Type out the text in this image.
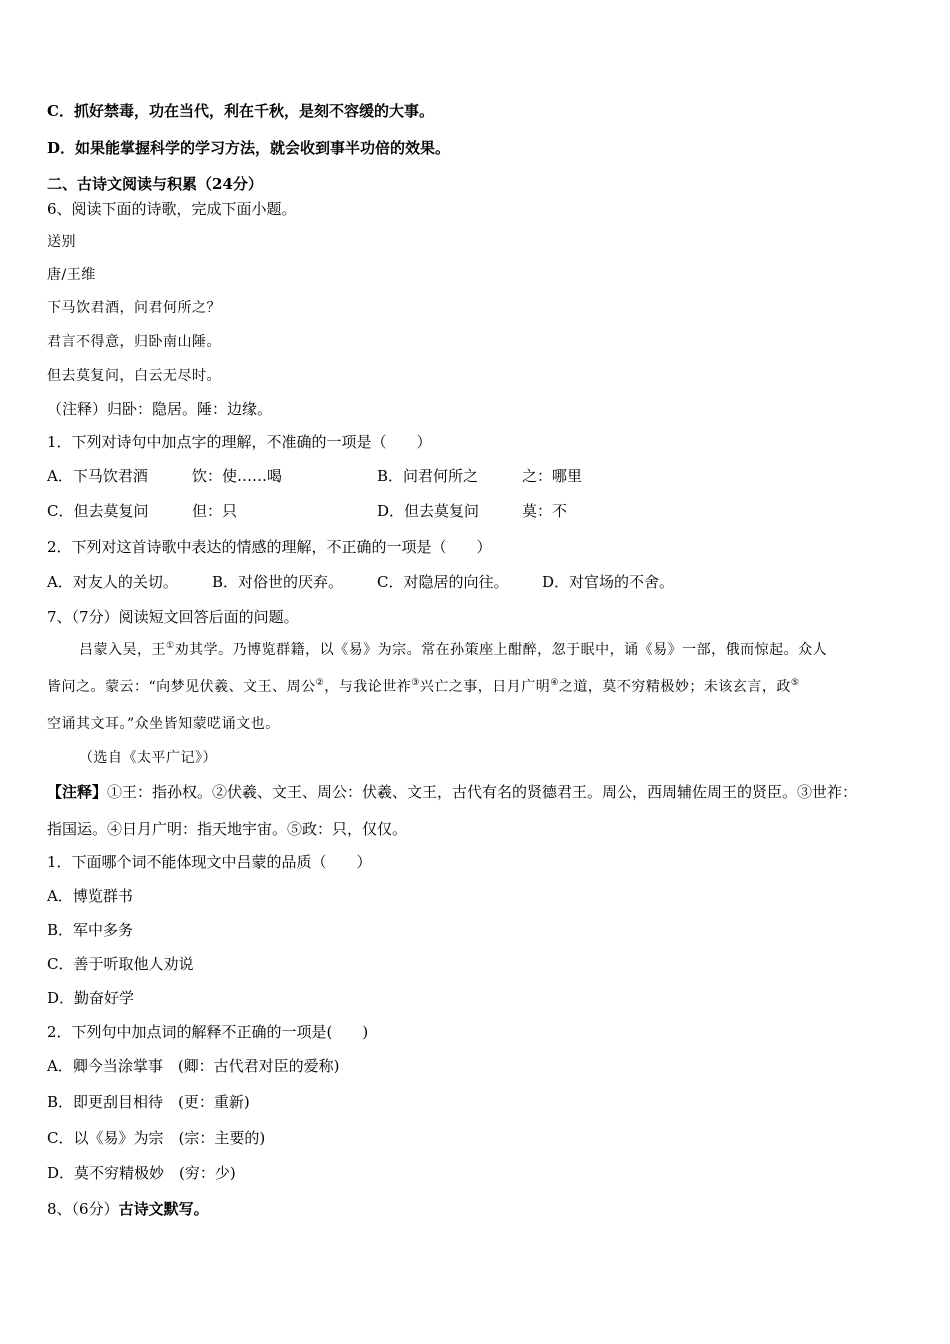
C．抓好禁毒，功在当代，利在千秋，是刻不容缓的大事。
D．如果能掌握科学的学习方法，就会收到事半功倍的效果。
二、古诗文阅读与积累（24分）
6、阅读下面的诗歌，完成下面小题。
送别
唐/王维
下马饮君酒，问君何所之？
君言不得意，归卧南山陲。
但去莫复问，白云无尽时。
（注释）归卧：隐居。陲：边缘。
1．下列对诗句中加点字的理解，不准确的一项是（　　）
A．下马饮君酒	饮：使……喝	B．问君何所之	之：哪里
C．但去莫复问	但：只	D．但去莫复问	莫：不
2．下列对这首诗歌中表达的情感的理解，不正确的一项是（　　）
A．对友人的关切。 B．对俗世的厌弃。 C．对隐居的向往。 D．对官场的不舍。
7、（7分）阅读短文回答后面的问题。
吕蒙入吴，王①劝其学。乃博览群籍，以《易》为宗。常在孙策座上酣醉，忽于眠中，诵《易》一部，俄而惊起。众人
皆问之。蒙云：“向梦见伏羲、文王、周公②，与我论世祚③兴亡之事，日月广明④之道，莫不穷精极妙；未该玄言，政⑤
空诵其文耳。”众坐皆知蒙呓诵文也。
（选自《太平广记》）
【注释】①王：指孙权。②伏羲、文王、周公：伏羲、文王，古代有名的贤德君王。周公，西周辅佐周王的贤臣。③世祚：
指国运。④日月广明：指天地宇宙。⑤政：只，仅仅。
1．下面哪个词不能体现文中吕蒙的品质（　　）
A．博览群书
B．军中多务
C．善于听取他人劝说
D．勤奋好学
2．下列句中加点词的解释不正确的一项是(　　)
A．卿今当涂掌事　(卿：古代君对臣的爱称)
B．即更刮目相待　(更：重新)
C．以《易》为宗　(宗：主要的)
D．莫不穷精极妙　(穷：少)
8、（6分）古诗文默写。
